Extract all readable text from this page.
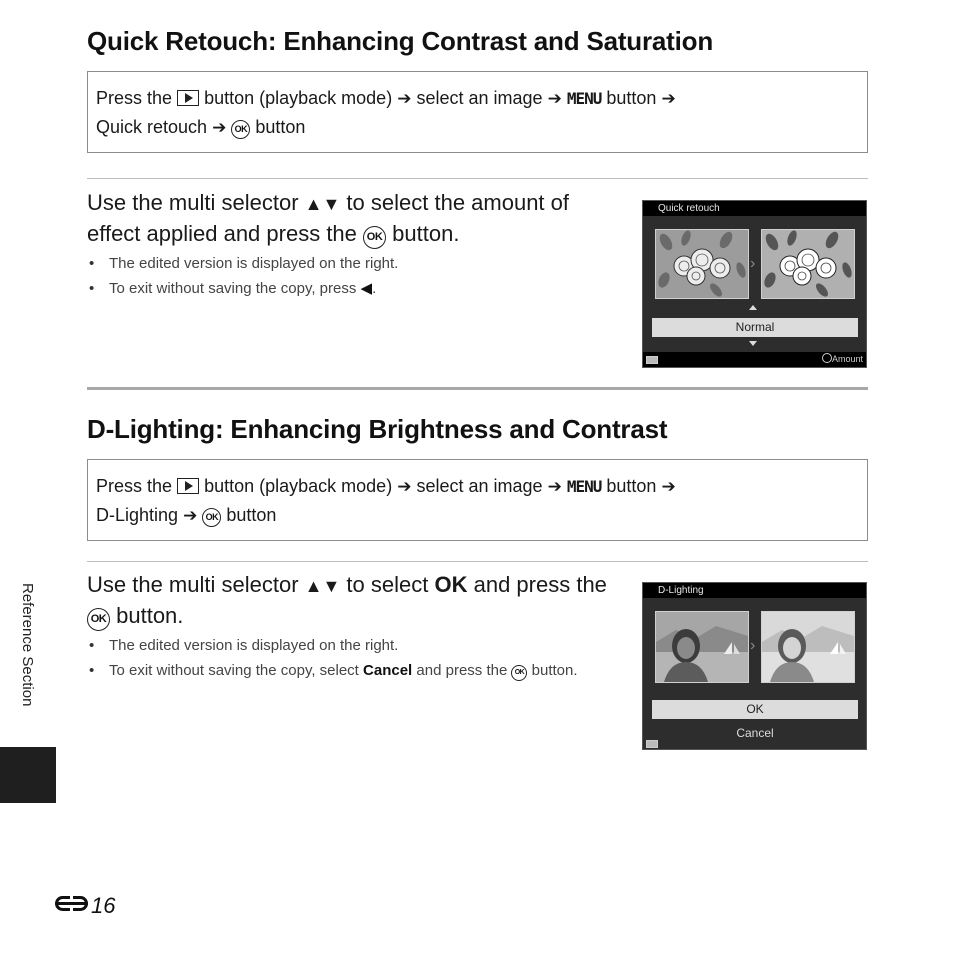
Quick Retouch: Enhancing Contrast and Saturation
Press the button (playback mode) ➔ select an image ➔ MENU button ➔
Quick retouch ➔ OK button
Use the multi selector ▲▼ to select the amount of effect applied and press the OK button.
• The edited version is displayed on the right.
• To exit without saving the copy, press ◀.
Quick retouch
›
Normal
Amount
D-Lighting: Enhancing Brightness and Contrast
Press the button (playback mode) ➔ select an image ➔ MENU button ➔
D-Lighting ➔ OK button
Use the multi selector ▲▼ to select OK and press the OK button.
• The edited version is displayed on the right.
• To exit without saving the copy, select Cancel and press the OK button.
D-Lighting
›
OK
Cancel
Reference Section
16
